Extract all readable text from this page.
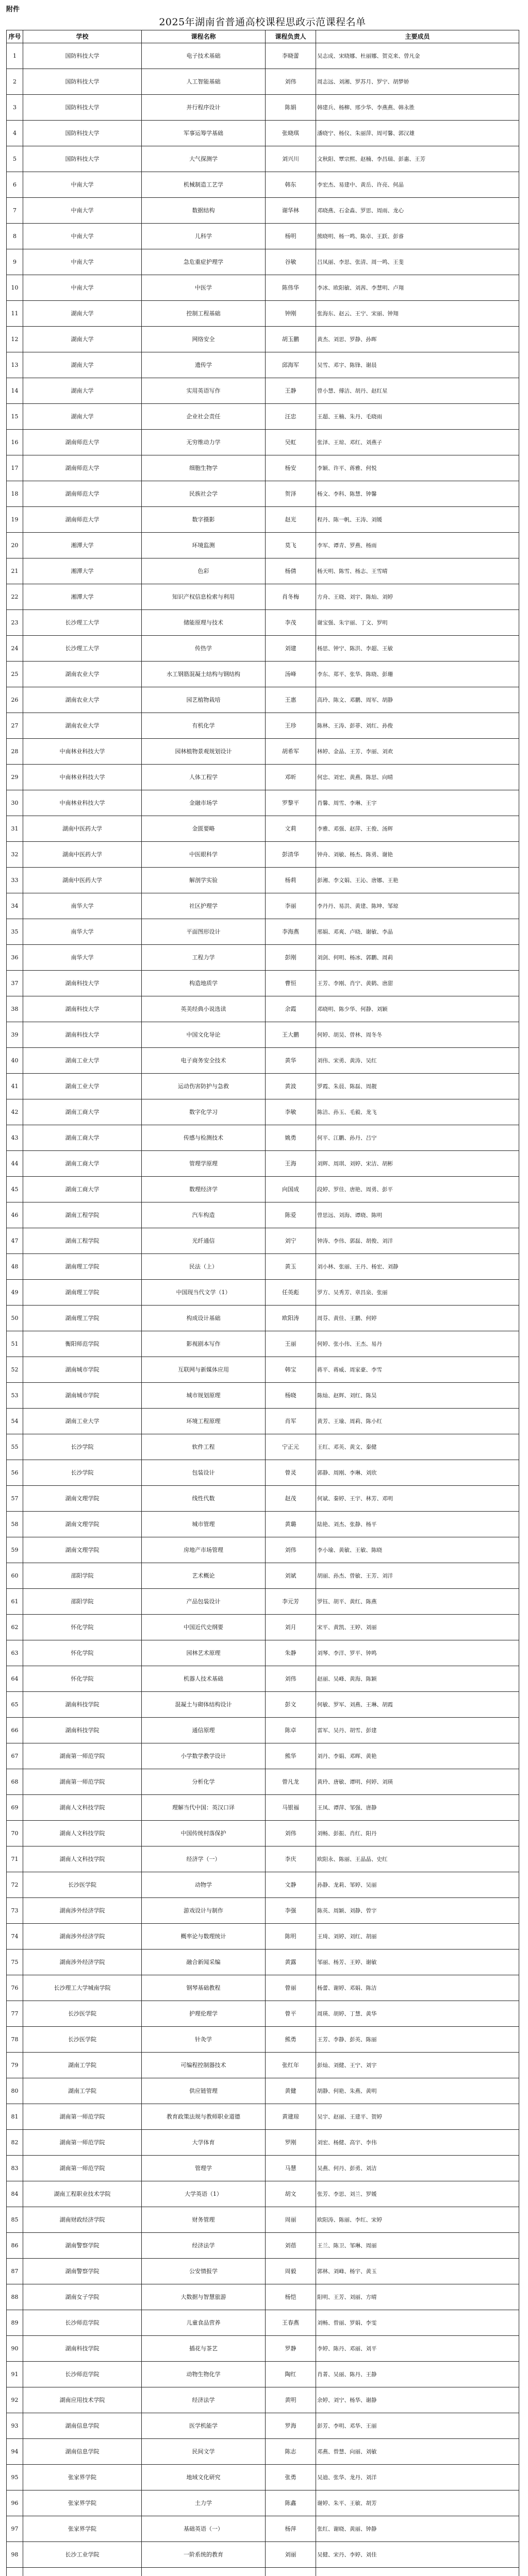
附件
2025年湖南省普通高校课程思政示范课程名单
序号	学校	课程名称	课程负责人	主要成员
1	国防科技大学	电子技术基础	李晓蕾	吴志成、宋晓娜、杜丽娜、贺克来、曾凡金
2	国防科技大学	人工智能基础	刘伟	周志远、刘湘、罗苏月、罗宁、胡梦娇
3	国防科技大学	并行程序设计	陈娟	韩建兵、杨柳、邢少华、李燕燕、韩永胜
4	国防科技大学	军事运筹学基础	张晓琪	潘晓宁、杨仪、朱丽萍、周可馨、郭汉雄
5	国防科技大学	大气探测学	刘兴川	文秋阳、覃宗熙、赵楠、李昌瑞、彭惠、王芳
6	中南大学	机械制造工艺学	韩东	李宏杰、易建中、黄岳、许亮、何晶
7	中南大学	数据结构	谢华林	邓晓燕、石金淼、罗思、周雨、龙心
8	中南大学	儿科学	杨明	熊晓明、杨一鸣、陈卓、王跃、彭睿
9	中南大学	急危重症护理学	谷敏	吕凤丽、李思、张清、周一鸣、王斐
10	中南大学	中医学	陈伟华	李冰、欧阳敏、刘茜、李慧明、卢翔
11	湖南大学	控制工程基础	钟刚	张海东、赵云、王宁、宋丽、钟翔
12	湖南大学	网络安全	胡玉鹏	黄杰、刘思、罗静、孙晖
13	湖南大学	遗传学	邱海军	吴雪、邓宇、陈锋、谢晨
14	湖南大学	实用英语写作	王静	曾小慧、傅洁、胡丹、赵红星
15	湖南大学	企业社会责任	汪忠	王超、王楠、朱丹、毛晓雨
16	湖南师范大学	无穷维动力学	吴虹	张泽、王琼、邓红、刘燕子
17	湖南师范大学	细胞生物学	杨安	李颖、许平、蒋雅、何悦
18	湖南师范大学	民族社会学	贺泽	杨文、李科、陈慧、钟馨
19	湖南师范大学	数字摄影	赵光	程丹、陈一帆、王涛、刘媛
20	湘潭大学	环境监测	莫飞	李军、谭青、罗燕、杨雨
21	湘潭大学	色彩	杨倩	杨天明、陈雪、杨志、王雪晴
22	湘潭大学	知识产权信息检索与利用	肖冬梅	方舟、王晓、刘宇、陈灿、刘婷
23	长沙理工大学	储能原理与技术	李茂	谢宝强、朱宇丽、丁文、罗明
24	长沙理工大学	传热学	刘建	杨思、钟宁、陈洪、李超、王敏
25	湖南农业大学	水工钢筋混凝土结构与钢结构	汤峰	李东、郑平、张华、陈晓、彭珊
26	湖南农业大学	园艺植物栽培	王惠	高玲、陈文、邓鹏、周军、胡静
27	湖南农业大学	有机化学	王珍	陈林、王涛、彭菲、刘红、孙俊
28	中南林业科技大学	园林植物景观规划设计	胡希军	林婷、金晶、王芳、李丽、刘欢
29	中南林业科技大学	人体工程学	邓昕	何忠、刘宏、黄燕、陈思、向晴
30	中南林业科技大学	金融市场学	罗黎平	肖馨、周雪、李琳、王宇
31	湖南中医药大学	金匮要略	文莉	李雅、邓强、赵萍、王俊、汤辉
32	湖南中医药大学	中医眼科学	彭清华	钟舟、刘敏、杨杰、陈勇、谢艳
33	湖南中医药大学	解剖学实验	杨莉	彭湘、李文娟、王沁、唐娜、王艳
34	南华大学	社区护理学	李丽	李丹丹、易洪、黄建、陈坤、邹琼
35	南华大学	平面图形设计	李海燕	邢娟、邓爽、卢晓、谢敏、李晶
36	南华大学	工程力学	彭刚	刘剑、何明、杨冰、郭鹏、周莉
37	湖南科技大学	构造地质学	曹恒	王芳、李刚、肖宁、黄鹤、唐甜
38	湖南科技大学	英美经典小说选读	余霞	邓晓明、陈少华、何静、刘颖
39	湖南科技大学	中国文化导论	王大鹏	何婷、胡昊、曾林、周冬冬
40	湖南工业大学	电子商务安全技术	黄华	刘伟、宋勇、黄涛、吴红
41	湖南工业大学	运动伤害防护与急救	黄波	罗霞、朱晨、陈磊、周靓
42	湖南工商大学	数字化学习	李敏	陈洁、孙玉、毛毅、龙飞
43	湖南工商大学	传感与检测技术	姚勇	何平、江鹏、孙丹、吕宁
44	湖南工商大学	管理学原理	王海	刘辉、周琪、刘婷、宋洁、胡彬
45	湖南工商大学	数理经济学	向国成	段婷、罗佳、唐艳、周勇、彭平
46	湖南工程学院	汽车构造	陈爱	曾思远、刘海、谭晓、陈明
47	湖南工程学院	光纤通信	刘宁	钟涛、李伟、郭磊、胡俊、刘洋
48	湖南理工学院	民法（上）	黄玉	刘小林、张丽、王丹、杨宏、刘静
49	湖南理工学院	中国现当代文学（1）	任英彪	罗方、吴秀芳、章昌泉、张丽
50	湖南理工学院	构成设计基础	欧阳涛	周芬、黄佳、王鹏、何婷
51	衡阳师范学院	影视剧本写作	王丽	何婷、张小伟、王杰、易丹
52	湖南城市学院	互联网与新媒体应用	韩宝	蒋平、蒋威、周家豪、李雪
53	湖南城市学院	城市规划原理	杨晓	陈灿、赵辉、刘红、陈昊
54	湖南工业大学	环境工程原理	肖军	黄芳、王瑜、周莉、陈小红
55	长沙学院	软件工程	宁正元	王红、邓英、黄文、秦健
56	长沙学院	包装设计	曾灵	郭静、周刚、李琳、刘欣
57	湖南文理学院	线性代数	赵茂	何斌、秦婷、王宇、林芳、邓明
58	湖南文理学院	城市管理	黄璐	陆艳、刘杰、张静、杨平
59	湖南文理学院	房地产市场管理	刘伟	李小瑜、黄敏、王敏、陈晓
60	邵阳学院	艺术概论	刘斌	胡丽、孙杰、曾敏、王芳、刘洋
61	邵阳学院	产品包装设计	李元芳	罗钰、胡平、黄红、陈燕
62	怀化学院	中国近代史纲要	刘月	宋平、黄凯、王婷、刘丽
63	怀化学院	园林艺术原理	朱静	刘琴、李洋、罗平、钟鸣
64	怀化学院	机器人技术基础	刘伟	赵丽、吴峰、黄海、陈颖
65	湖南科技学院	混凝土与砌体结构设计	彭文	何敏、罗军、刘燕、王琳、胡霞
66	湖南科技学院	通信原理	陈卓	雷军、吴丹、胡雪、彭建
67	湖南第一师范学院	小学数学教学设计	熊华	刘丹、李娟、邓晖、黄艳
68	湖南第一师范学院	分析化学	曾凡龙	黄玲、唐敏、谭明、何婷、刘瑛
69	湖南人文科技学院	理解当代中国：英汉口译	马银福	王凤、谭萍、邹强、唐静
70	湖南人文科技学院	中国传统村落保护	刘伟	刘畅、彭振、肖红、阳丹
71	湖南人文科技学院	经济学（一）	李庆	欧阳永、陈丽、王晶晶、史红
72	长沙医学院	动物学	文静	孙静、龙莉、邹婷、吴丽
73	湖南涉外经济学院	游戏设计与制作	李强	陈英、周颖、刘静、曾宇
74	湖南涉外经济学院	概率论与数理统计	陈明	王琦、刘婷、刘红、胡丽
75	湖南涉外经济学院	融合新闻采编	黄露	邹丽、杨芳、王婷、谢敏
76	长沙理工大学城南学院	钢琴基础教程	曾丽	杨蕾、谢婷、邓娟、陈洁
77	长沙医学院	护理伦理学	曾平	周瑛、胡婷、丁慧、黄华
78	长沙医学院	针灸学	熊勇	王芳、李静、彭英、陈丽
79	湖南工学院	可编程控制器技术	张红年	彭灿、刘健、王宁、刘宇
80	湖南工学院	供应链管理	黄健	胡静、何艳、朱燕、黄明
81	湖南第一师范学院	教育政策法规与教师职业道德	黄建琼	吴宇、赵丽、王建平、贺婷
82	湖南第一师范学院	大学体育	罗刚	刘宏、杨健、高宇、李伟
83	湖南第一师范学院	管理学	马慧	吴燕、何丹、彭勇、刘洁
84	湖南工程职业技术学院	大学英语（1）	胡文	张芳、李思、刘兰、罗媛
85	湖南财政经济学院	财务管理	周丽	欧阳涛、陈丽、李红、宋婷
86	湖南警察学院	经济法学	刘蓓	王兰、陈卫、邹琳、周丽
87	湖南警察学院	公安情报学	周毅	郭林、刘峰、杨宇、黄玉
88	湖南女子学院	大数据与智慧旅游	杨恺	阳明、王芳、刘丽、方晴
89	长沙师范学院	儿童食品营养	王春燕	刘畅、曾丽、罗娟、李雯
90	湖南科技学院	插花与茶艺	罗静	李婷、陈丹、邓丽、刘平
91	长沙师范学院	动物生物化学	陶红	肖菁、吴丽、陈丹、王静
92	湖南应用技术学院	经济法学	黄明	余婷、刘宁、杨华、谢静
93	湖南信息学院	医学机能学	罗海	彭芳、李明、邓华、王丽
94	湖南信息学院	民间文学	陈志	邓燕、曾慧、向丽、刘敏
95	张家界学院	地域文化研究	张勇	吴迪、张华、龙丹、刘洋
96	张家界学院	土力学	陈鑫	谢婷、朱平、王敏、胡芳
97	张家界学院	基础英语（一）	杨萍	张红、谢晓、黄丽、钟静
98	长沙工业学院	一阶系统的教育	刘丽	吴健、宋丹、李婷、刘佳
